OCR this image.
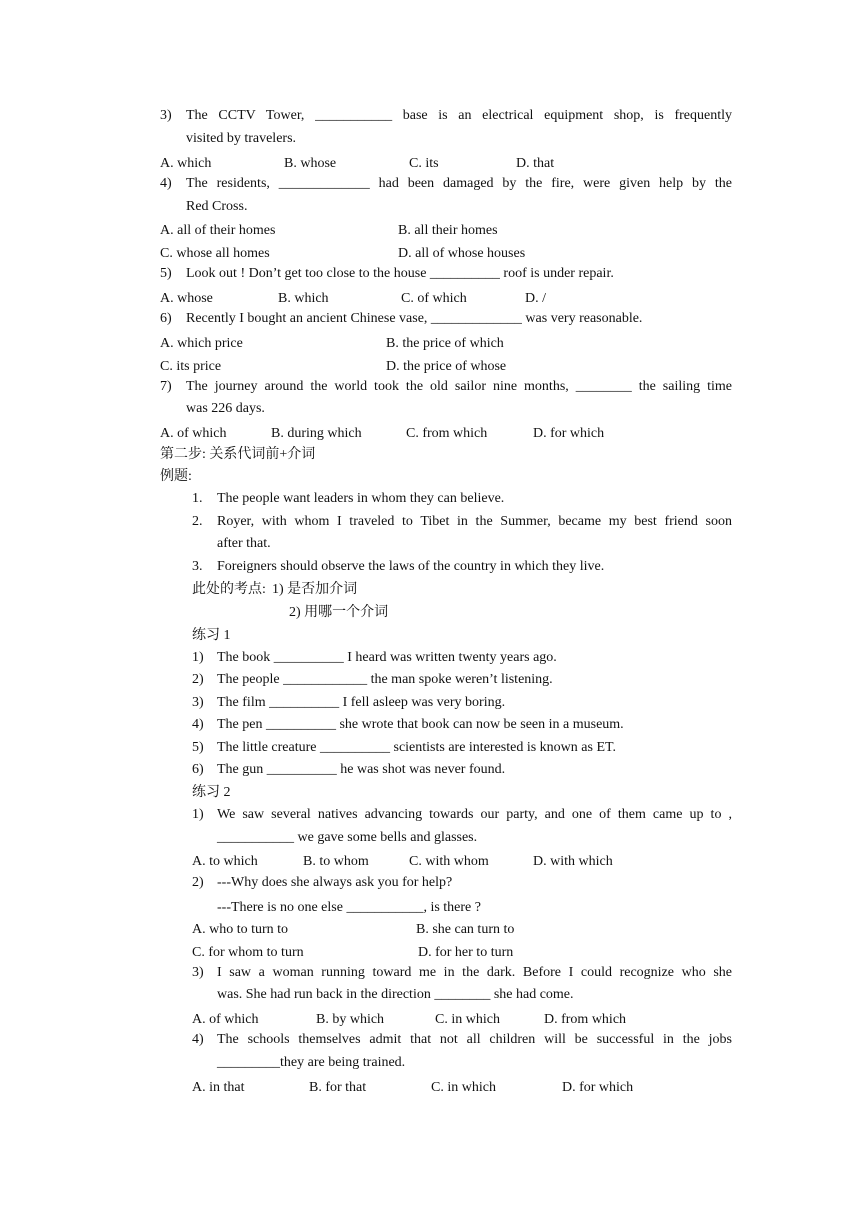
3) The CCTV Tower, ___________ base is an electrical equipment shop, is frequently
visited by travelers.
A. which	B. whose	C. its	D. that
4) The residents, _____________ had been damaged by the fire, were given help by the
Red Cross.
A. all of their homes	B. all their homes
C. whose all homes	D. all of whose houses
5) Look out ! Don’t get too close to the house __________ roof is under repair.
A. whose	B. which	C. of which	D. /
6) Recently I bought an ancient Chinese vase, _____________ was very reasonable.
A. which price	B. the price of which
C. its price	D. the price of whose
7) The journey around the world took the old sailor nine months, ________ the sailing time
was 226 days.
A. of which	B. during which	C. from which	D. for which
第二步: 关系代词前+介词
例题:
1. The people want leaders in whom they can believe.
2. Royer, with whom I traveled to Tibet in the Summer, became my best friend soon
after that.
3. Foreigners should observe the laws of the country in which they live.
此处的考点: 1) 是否加介词
2) 用哪一个介词
练习 1
1) The book __________ I heard was written twenty years ago.
2) The people ____________ the man spoke weren’t listening.
3) The film __________ I fell asleep was very boring.
4) The pen __________ she wrote that book can now be seen in a museum.
5) The little creature __________ scientists are interested is known as ET.
6) The gun __________ he was shot was never found.
练习 2
1) We saw several natives advancing towards our party, and one of them came up to ,
___________ we gave some bells and glasses.
A. to which	B. to whom	C. with whom	D. with which
2) ---Why does she always ask you for help?
---There is no one else ___________, is there ?
A. who to turn to	B. she can turn to
C. for whom to turn	D. for her to turn
3) I saw a woman running toward me in the dark. Before I could recognize who she
was. She had run back in the direction ________ she had come.
A. of which	B. by which	C. in which	D. from which
4) The schools themselves admit that not all children will be successful in the jobs
_________they are being trained.
A. in that	B. for that	C. in which	D. for which
